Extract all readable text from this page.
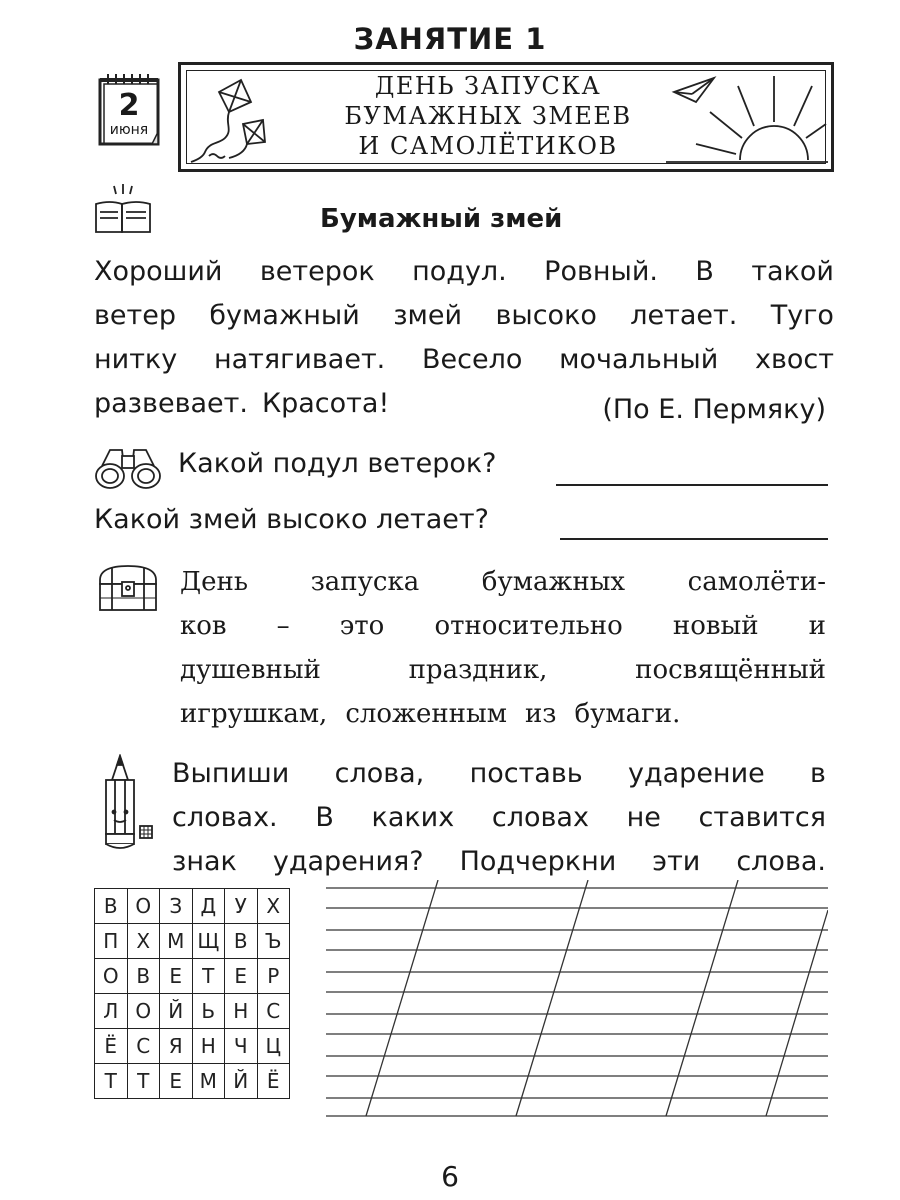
ЗАНЯТИЕ 1
2
июня
ДЕНЬ ЗАПУСКА
БУМАЖНЫХ ЗМЕЕВ
И САМОЛЁТИКОВ
Бумажный змей
Хороший ветерок подул. Ровный. В такой
ветер бумажный змей высоко летает. Туго
нитку натягивает. Весело мочальный хвост
развевает. Красота!	(По Е. Пермяку)
Какой подул ветерок?
Какой змей высоко летает?
День запуска бумажных самолёти-
ков – это относительно новый и
душевный	праздник,	посвящённый
игрушкам, сложенным из бумаги.
Выпиши слова, поставь ударение в
словах. В каких словах не ставится
знак ударения? Подчеркни эти слова.
В	О	З	Д	У	Х
П	Х	М	Щ	В	Ъ
О	В	Е	Т	Е	Р
Л	О	Й	Ь	Н	С
Ё	С	Я	Н	Ч	Ц
Т	Т	Е	М	Й	Ё
6
